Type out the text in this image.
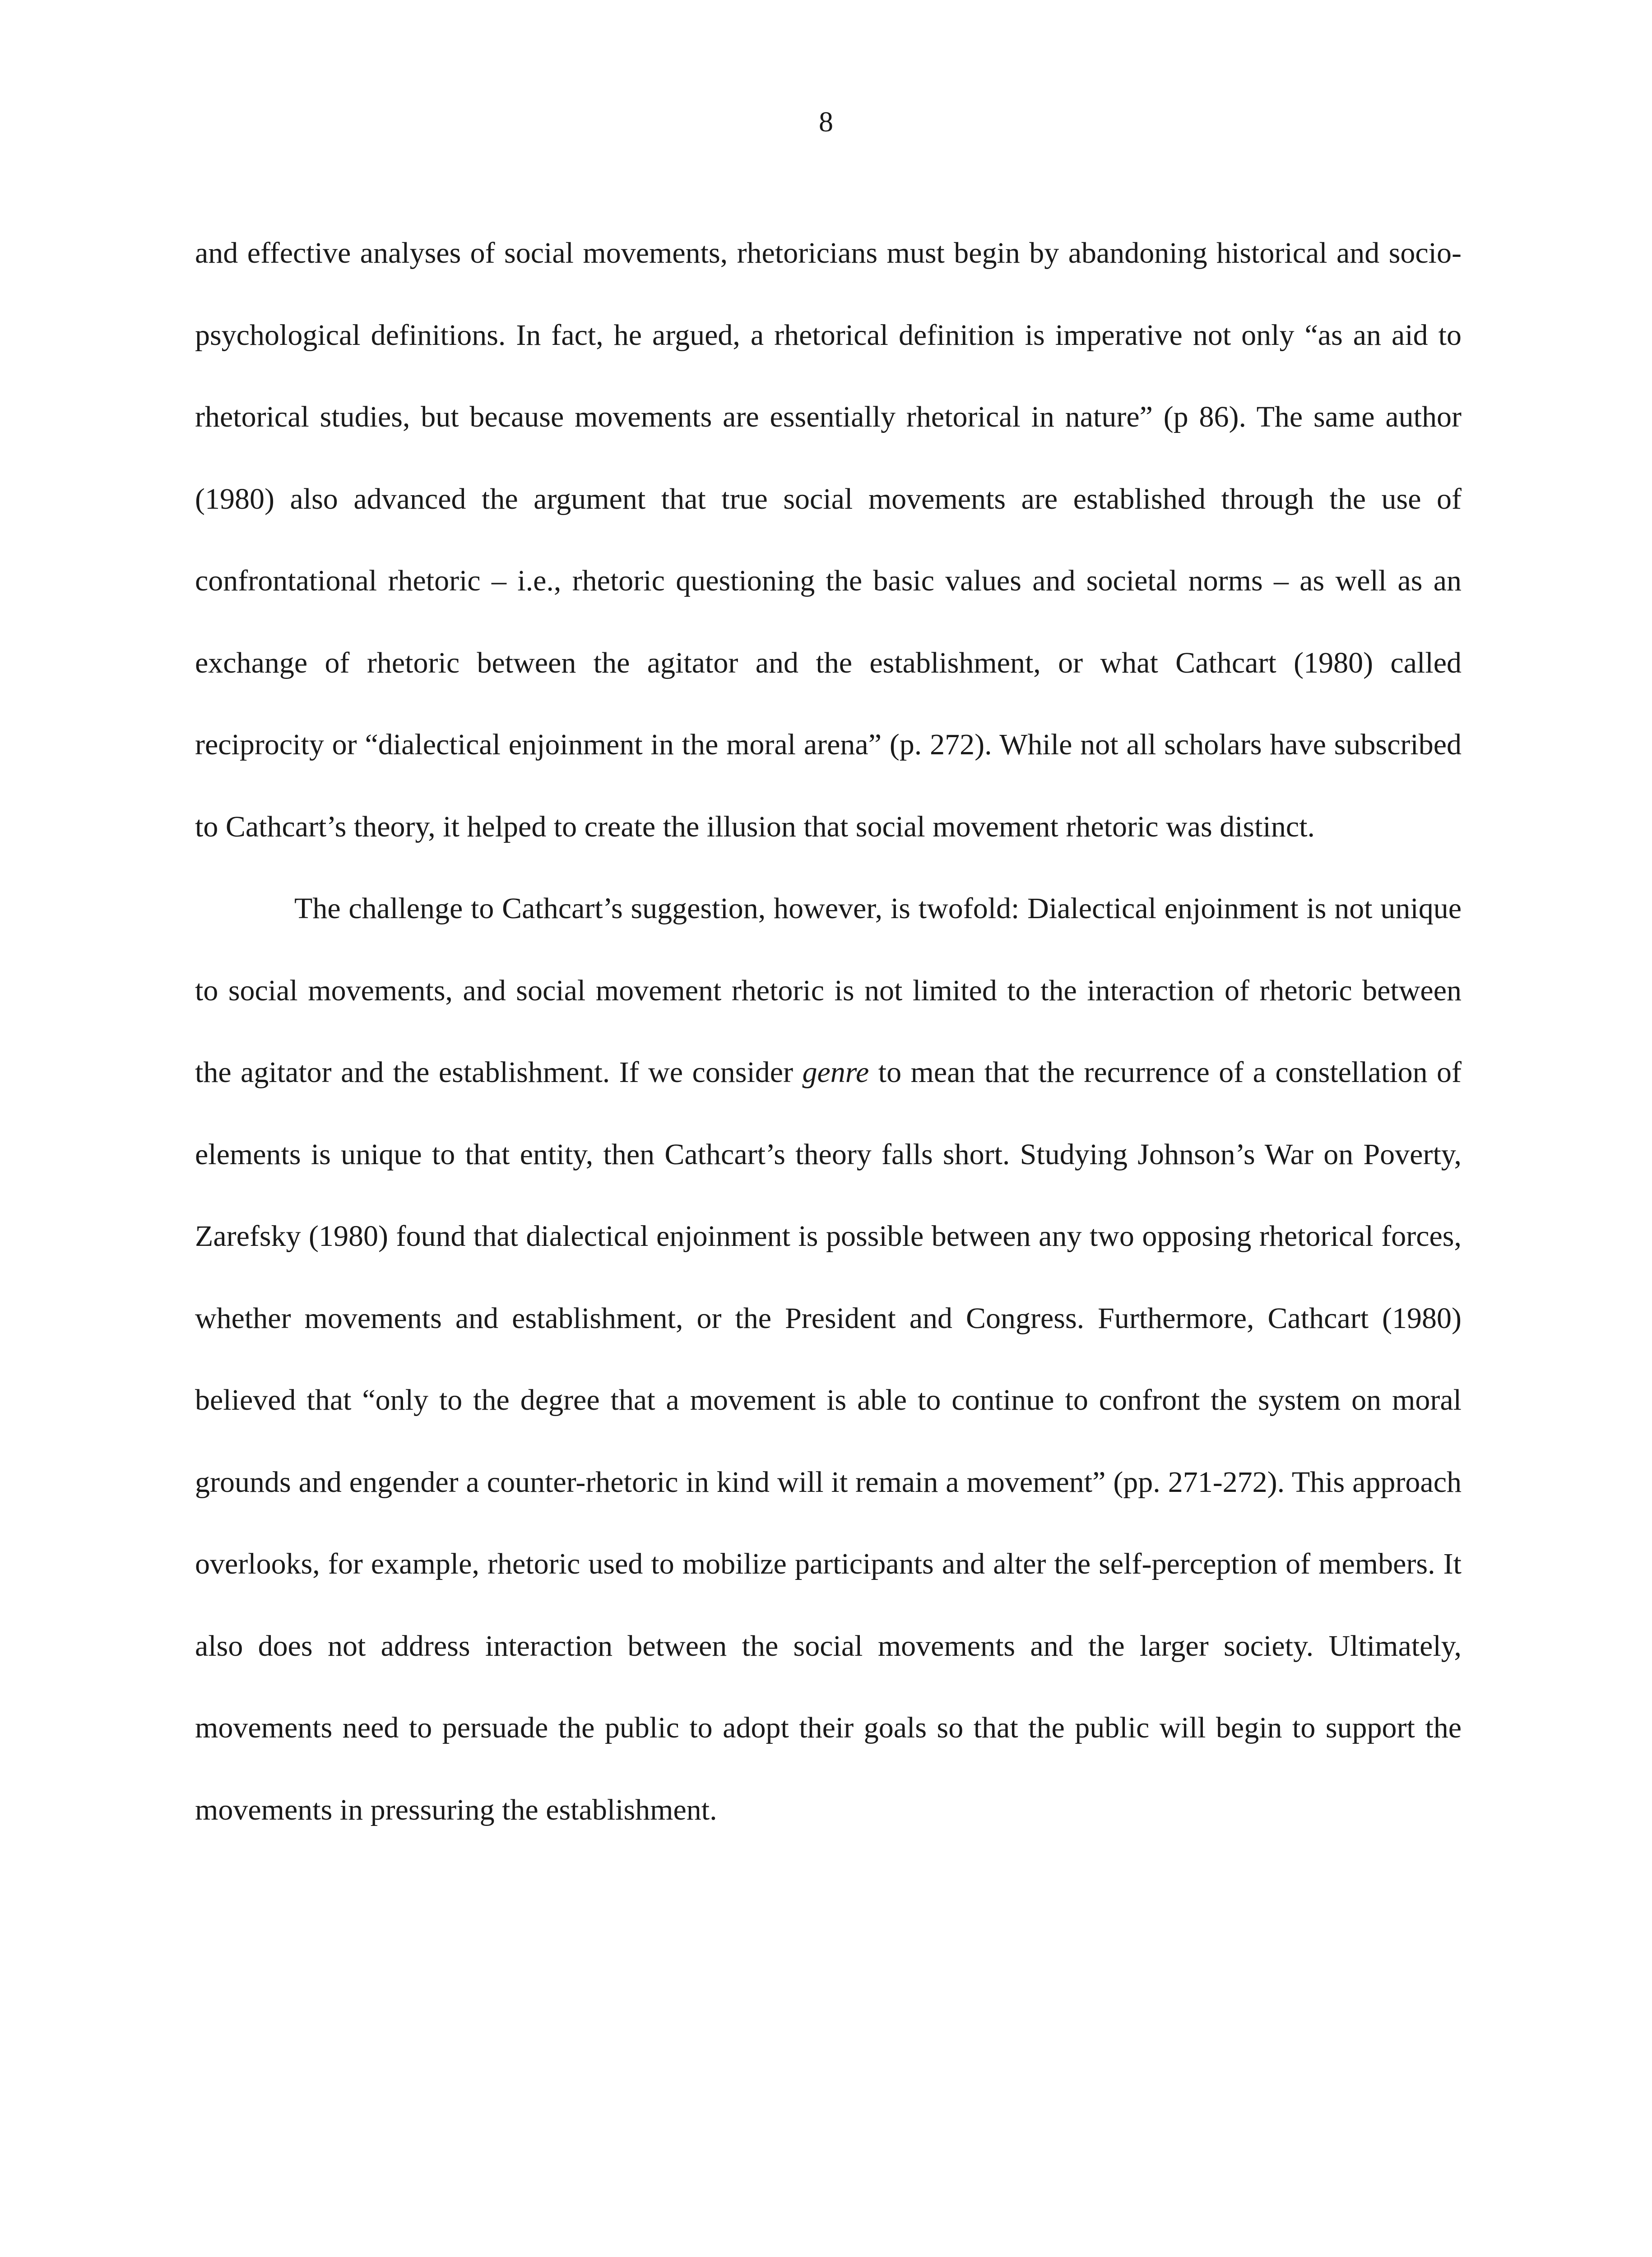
8

and effective analyses of social movements, rhetoricians must begin by abandoning historical and socio-psychological definitions. In fact, he argued, a rhetorical definition is imperative not only “as an aid to rhetorical studies, but because movements are essentially rhetorical in nature” (p 86). The same author (1980) also advanced the argument that true social movements are established through the use of confrontational rhetoric – i.e., rhetoric questioning the basic values and societal norms – as well as an exchange of rhetoric between the agitator and the establishment, or what Cathcart (1980) called reciprocity or “dialectical enjoinment in the moral arena” (p. 272). While not all scholars have subscribed to Cathcart’s theory, it helped to create the illusion that social movement rhetoric was distinct.

The challenge to Cathcart’s suggestion, however, is twofold: Dialectical enjoinment is not unique to social movements, and social movement rhetoric is not limited to the interaction of rhetoric between the agitator and the establishment. If we consider genre to mean that the recurrence of a constellation of elements is unique to that entity, then Cathcart’s theory falls short. Studying Johnson’s War on Poverty, Zarefsky (1980) found that dialectical enjoinment is possible between any two opposing rhetorical forces, whether movements and establishment, or the President and Congress. Furthermore, Cathcart (1980) believed that “only to the degree that a movement is able to continue to confront the system on moral grounds and engender a counter-rhetoric in kind will it remain a movement” (pp. 271-272). This approach overlooks, for example, rhetoric used to mobilize participants and alter the self-perception of members. It also does not address interaction between the social movements and the larger society. Ultimately, movements need to persuade the public to adopt their goals so that the public will begin to support the movements in pressuring the establishment.
